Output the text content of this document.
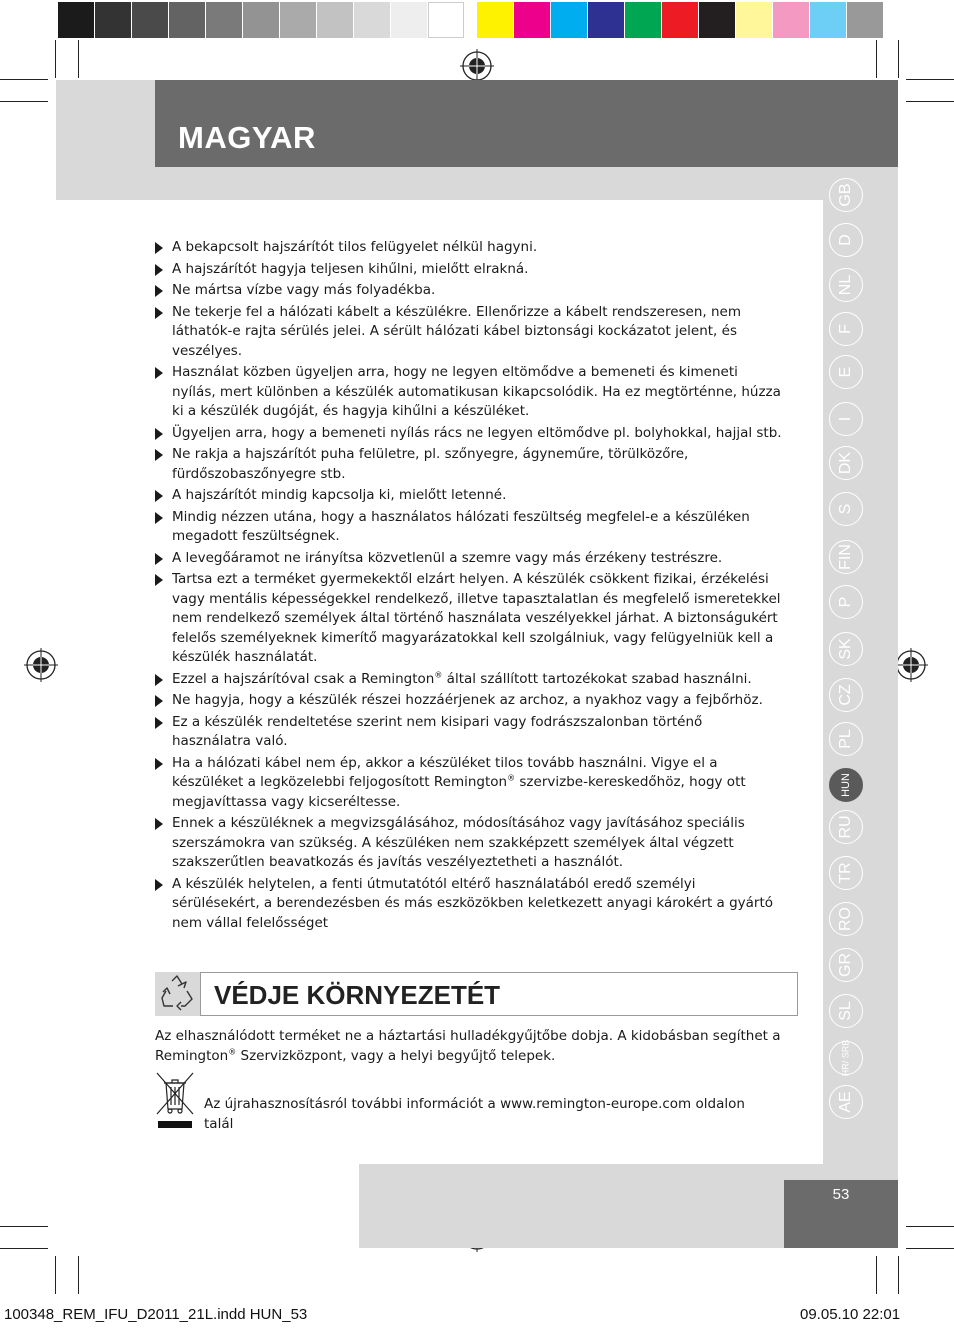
MAGYAR
GB
D
NL
F
E
I
DK
S
FIN
P
SK
CZ
PL
HUN
RU
TR
RO
GR
SL
HR/ SRB
AE
A bekapcsolt hajszárítót tilos felügyelet nélkül hagyni.
A hajszárítót hagyja teljesen kihűlni, mielőtt elrakná.
Ne mártsa vízbe vagy más folyadékba.
Ne tekerje fel a hálózati kábelt a készülékre. Ellenőrizze a kábelt rendszeresen, nem láthatók-e rajta sérülés jelei. A sérült hálózati kábel biztonsági kockázatot jelent, és veszélyes.
Használat közben ügyeljen arra, hogy ne legyen eltömődve a bemeneti és kimeneti nyílás, mert különben a készülék automatikusan kikapcsolódik. Ha ez megtörténne, húzza ki a készülék dugóját, és hagyja kihűlni a készüléket.
Ügyeljen arra, hogy a bemeneti nyílás rács ne legyen eltömődve pl. bolyhokkal, hajjal stb.
Ne rakja a hajszárítót puha felületre, pl. szőnyegre, ágyneműre, törülközőre, fürdőszobaszőnyegre stb.
A hajszárítót mindig kapcsolja ki, mielőtt letenné.
Mindig nézzen utána, hogy a használatos hálózati feszültség megfelel-e a készüléken megadott feszültségnek.
A levegőáramot ne irányítsa közvetlenül a szemre vagy más érzékeny testrészre.
Tartsa ezt a terméket gyermekektől elzárt helyen. A készülék csökkent fizikai, érzékelési vagy mentális képességekkel rendelkező, illetve tapasztalatlan és megfelelő ismeretekkel nem rendelkező személyek által történő használata veszélyekkel járhat. A biztonságukért felelős személyeknek kimerítő magyarázatokkal kell szolgálniuk, vagy felügyelniük kell a készülék használatát.
Ezzel a hajszárítóval csak a Remington® által szállított tartozékokat szabad használni.
Ne hagyja, hogy a készülék részei hozzáérjenek az archoz, a nyakhoz vagy a fejbőrhöz.
Ez a készülék rendeltetése szerint nem kisipari vagy fodrászszalonban történő használatra való.
Ha a hálózati kábel nem ép, akkor a készüléket tilos tovább használni. Vigye el a készüléket a legközelebbi feljogosított Remington® szervizbe-kereskedőhöz, hogy ott megjavíttassa vagy kicseréltesse.
Ennek a készüléknek a megvizsgálásához, módosításához vagy javításához speciális szerszámokra van szükség. A készüléken nem szakképzett személyek által végzett szakszerűtlen beavatkozás és javítás veszélyeztetheti a használót.
A készülék helytelen, a fenti útmutatótól eltérő használatából eredő személyi sérülésekért, a berendezésben és más eszközökben keletkezett anyagi károkért a gyártó nem vállal felelősséget
VÉDJE KÖRNYEZETÉT
Az elhasználódott terméket ne a háztartási hulladékgyűjtőbe dobja. A kidobásban segíthet a Remington® Szervizközpont, vagy a helyi begyűjtő telepek.
Az újrahasznosításról további információt a www.remington-europe.com oldalon talál
53
100348_REM_IFU_D2011_21L.indd HUN_53	09.05.10 22:01
